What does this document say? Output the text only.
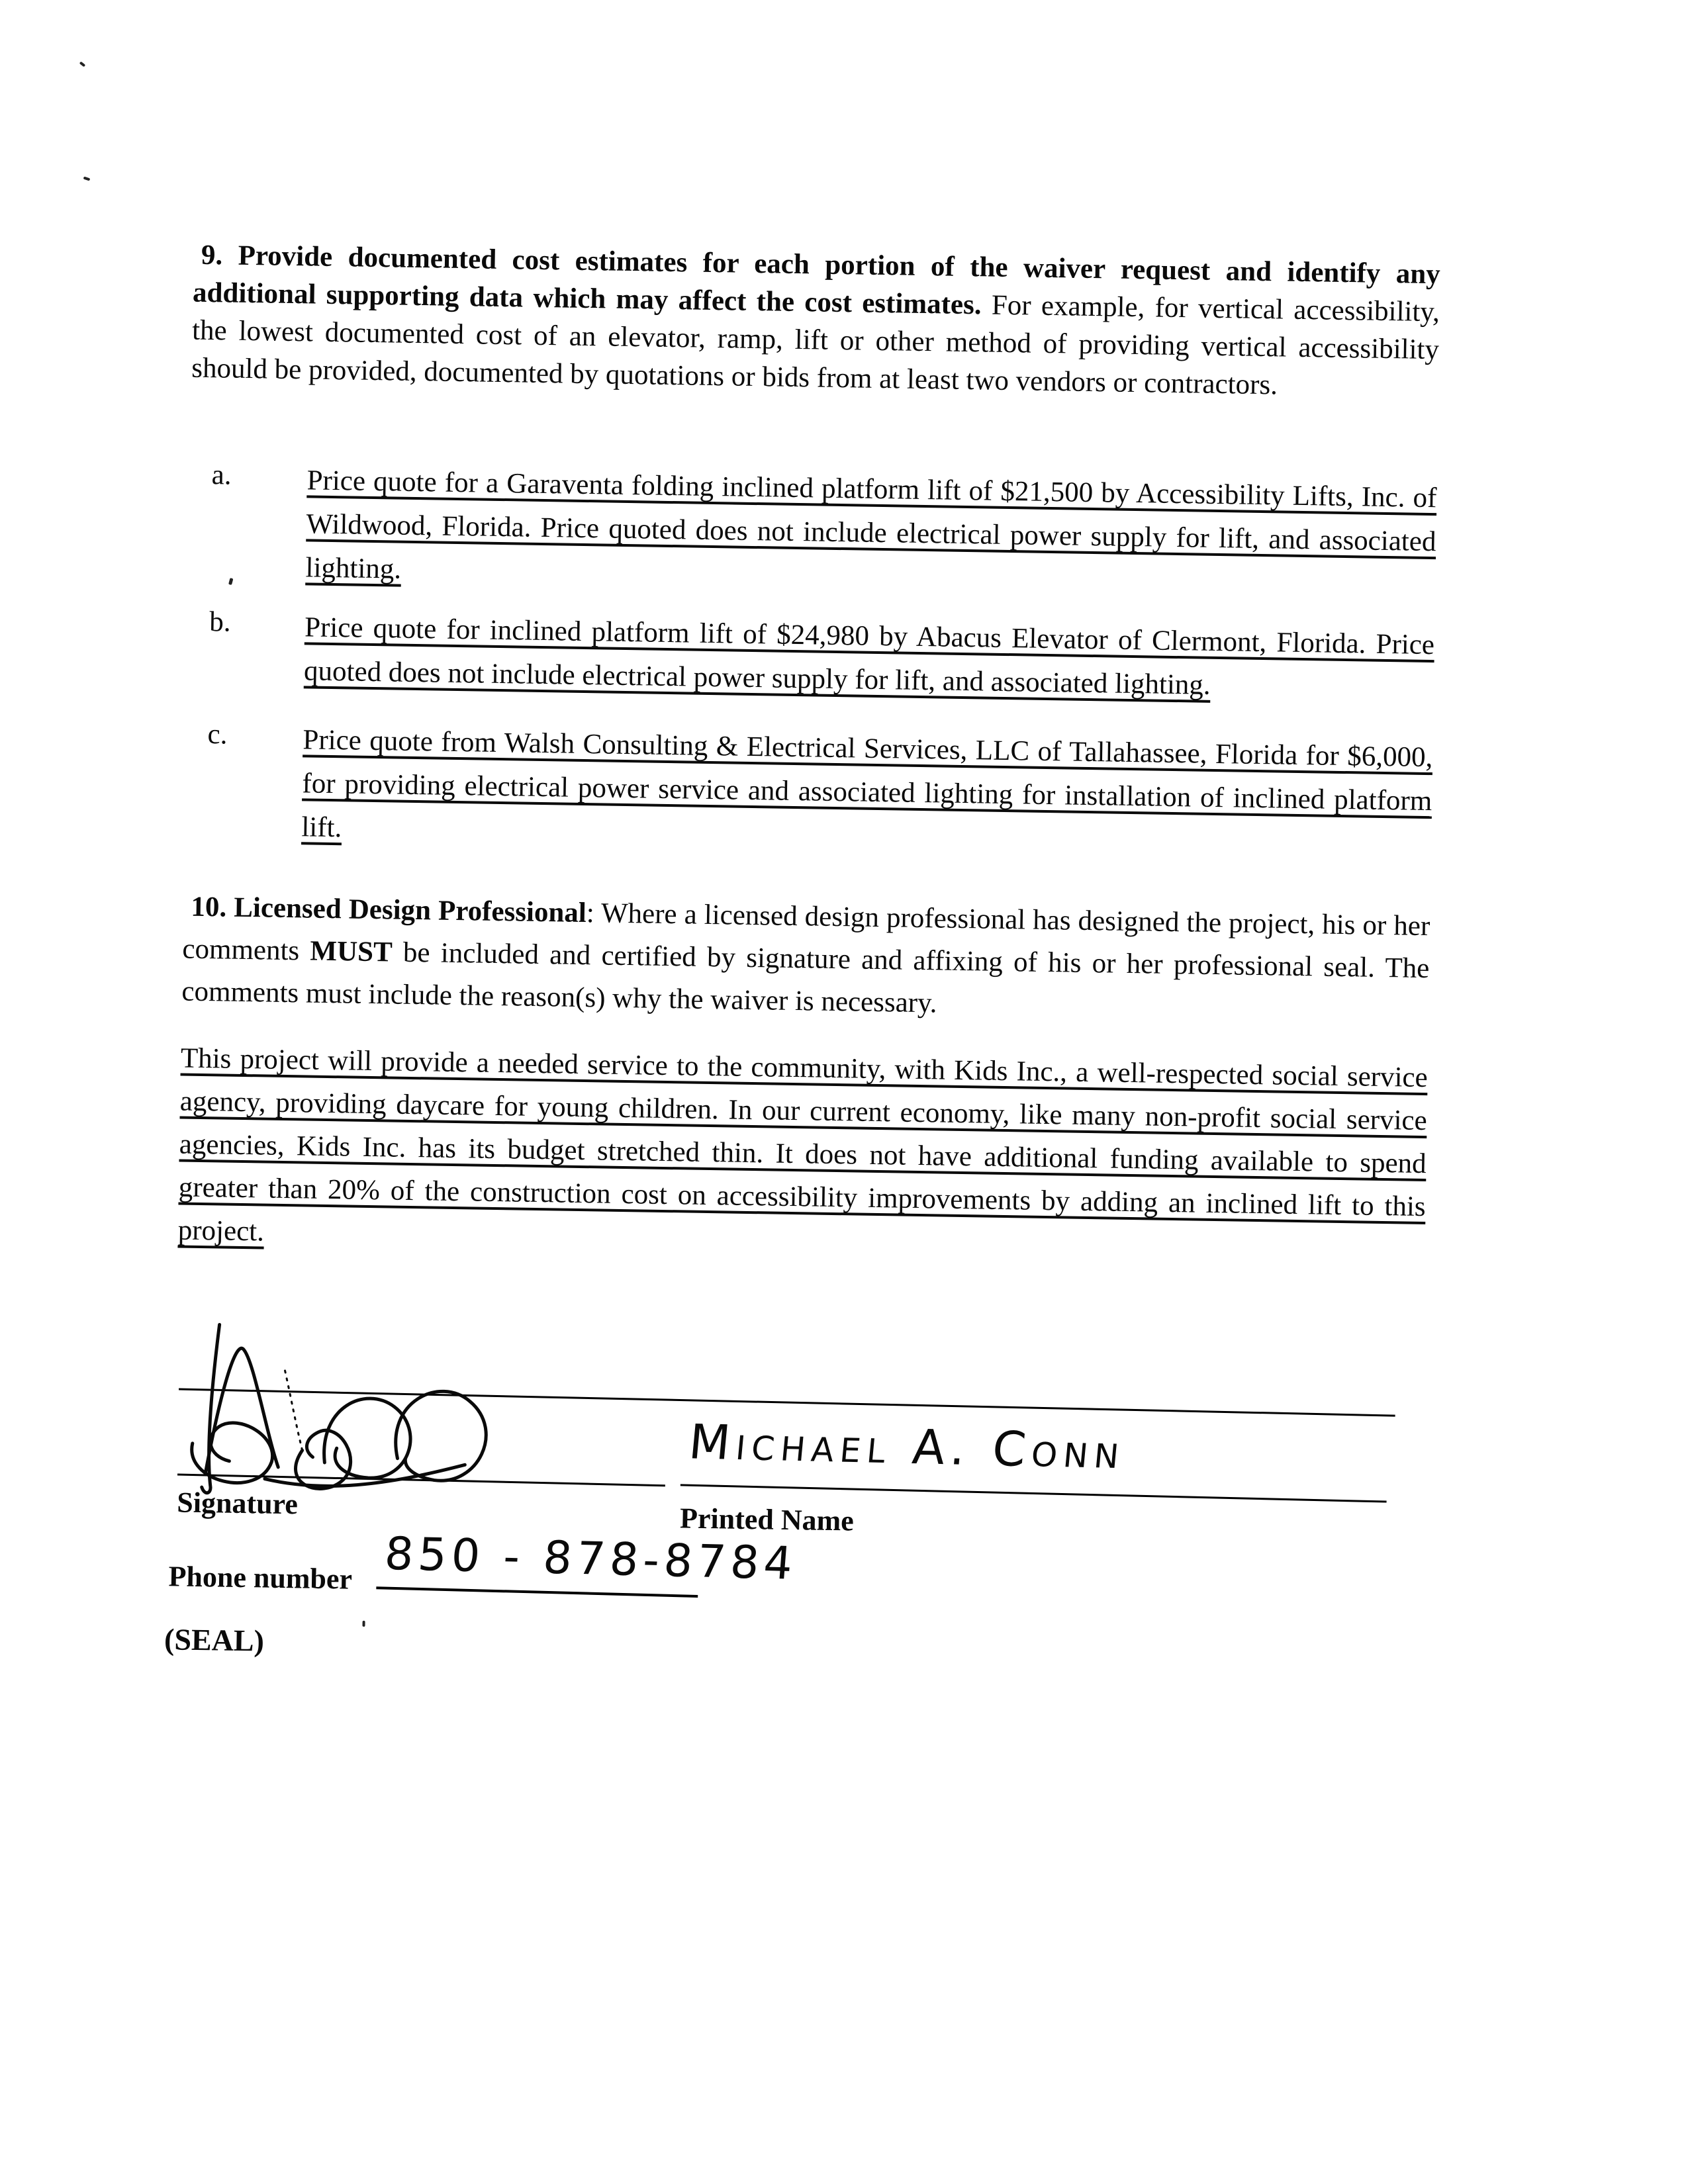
9. Provide documented cost estimates for each portion of the waiver request and identify any additional supporting data which may affect the cost estimates. For example, for vertical accessibility, the lowest documented cost of an elevator, ramp, lift or other method of providing vertical accessibility should be provided, documented by quotations or bids from at least two vendors or contractors.
a.	Price quote for a Garaventa folding inclined platform lift of $21,500 by Accessibility Lifts, Inc. of Wildwood, Florida. Price quoted does not include electrical power supply for lift, and associated lighting.
b.	Price quote for inclined platform lift of $24,980 by Abacus Elevator of Clermont, Florida. Price quoted does not include electrical power supply for lift, and associated lighting.
c.	Price quote from Walsh Consulting & Electrical Services, LLC of Tallahassee, Florida for $6,000, for providing electrical power service and associated lighting for installation of inclined platform lift.
10. Licensed Design Professional: Where a licensed design professional has designed the project, his or her comments MUST be included and certified by signature and affixing of his or her professional seal. The comments must include the reason(s) why the waiver is necessary.
This project will provide a needed service to the community, with Kids Inc., a well-respected social service agency, providing daycare for young children. In our current economy, like many non-profit social service agencies, Kids Inc. has its budget stretched thin. It does not have additional funding available to spend greater than 20% of the construction cost on accessibility improvements by adding an inclined lift to this project.
Michael A. Conn
Signature	Printed Name
Phone number 850 - 878-8784
(SEAL)
